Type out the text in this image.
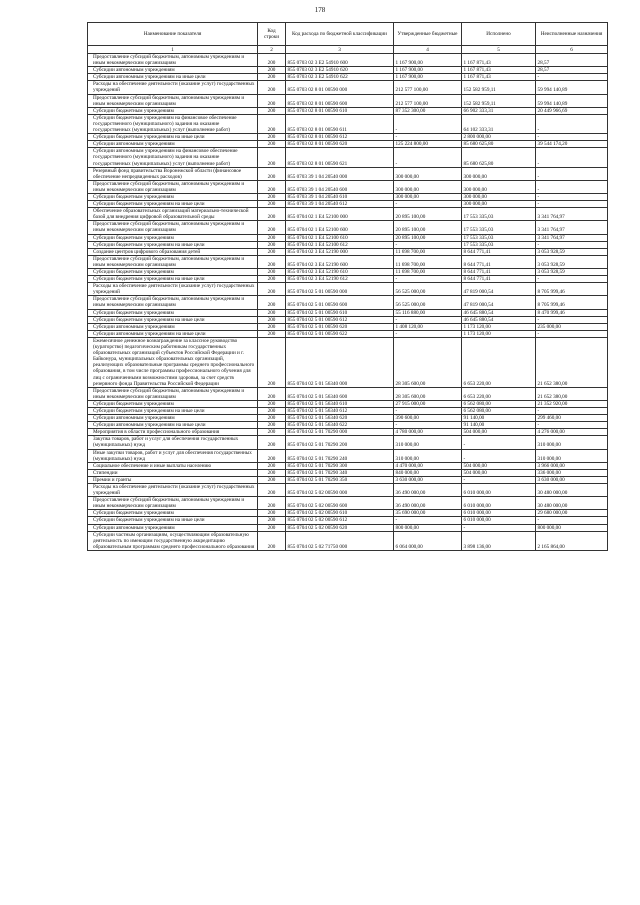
178
Наименование показателя	Код строки	Код расхода по бюджетной классификации	Утвержденные бюджетные	Исполнено	Неисполненные назначения
1	2	3	4	5	6
Предоставление субсидий бюджетным, автономным учреждениям и иным некоммерческим организациям	200	855 0703 02 3 E2 54910 600	1 167 900,00	1 167 871,43	28,57
Субсидии автономным учреждениям	200	855 0703 02 3 E2 54910 620	1 167 900,00	1 167 871,43	28,57
Субсидии автономным учреждениям на иные цели	200	855 0703 02 3 E2 54910 622	1 167 900,00	1 167 871,43	-
Расходы на обеспечение деятельности (оказание услуг) государственных учреждений	200	855 0703 02 8 01 00590 000	212 577 100,00	152 582 959,11	59 994 140,89
Предоставление субсидий бюджетным, автономным учреждениям и иным некоммерческим организациям	200	855 0703 02 8 01 00590 600	212 577 100,00	152 582 959,11	59 994 140,89
Субсидии бюджетным учреждениям	200	855 0703 02 8 01 00590 610	87 352 300,00	66 902 333,31	20 449 966,69
Субсидии бюджетным учреждениям на финансовое обеспечение государственного (муниципального) задания на оказание государственных (муниципальных) услуг (выполнение работ)	200	855 0703 02 8 01 00590 611	-	64 102 333,31	-
Субсидии бюджетным учреждениям на иные цели	200	855 0703 02 8 01 00590 612	-	2 800 000,00	-
Субсидии автономным учреждениям	200	855 0703 02 8 01 00590 620	125 224 800,00	85 680 625,80	39 544 174,20
Субсидии автономным учреждениям на финансовое обеспечение государственного (муниципального) задания на оказание государственных (муниципальных) услуг (выполнение работ)	200	855 0703 02 8 01 00590 621	-	85 680 625,80	-
Резервный фонд правительства Воронежской области (финансовое обеспечение непредвиденных расходов)	200	855 0703 39 1 04 20540 000	300 000,00	300 000,00	-
Предоставление субсидий бюджетным, автономным учреждениям и иным некоммерческим организациям	200	855 0703 39 1 04 20540 600	300 000,00	300 000,00	-
Субсидии бюджетным учреждениям	200	855 0703 39 1 04 20540 610	300 000,00	300 000,00	-
Субсидии бюджетным учреждениям на иные цели	200	855 0703 39 1 04 20540 612	-	300 000,00	-
Обеспечение образовательных организаций материально-технической базой для внедрения цифровой образовательной среды	200	855 0704 02 1 E4 52100 000	20 895 100,00	17 553 335,03	3 341 764,97
Предоставление субсидий бюджетным, автономным учреждениям и иным некоммерческим организациям	200	855 0704 02 1 E4 52100 600	20 895 100,00	17 553 335,03	3 341 764,97
Субсидии бюджетным учреждениям	200	855 0704 02 1 E4 52100 610	20 895 100,00	17 553 335,03	3 341 764,97
Субсидии бюджетным учреждениям на иные цели	200	855 0704 02 1 E4 52100 612	-	17 553 335,03	-
Создание центров цифрового образования детей	200	855 0704 02 3 E4 52190 000	11 698 700,00	8 644 771,41	3 053 928,59
Предоставление субсидий бюджетным, автономным учреждениям и иным некоммерческим организациям	200	855 0704 02 3 E4 52190 600	11 698 700,00	8 644 771,41	3 053 928,59
Субсидии бюджетным учреждениям	200	855 0704 02 3 E4 52190 610	11 698 700,00	8 644 771,41	3 053 928,59
Субсидии бюджетным учреждениям на иные цели	200	855 0704 02 3 E4 52190 612	-	8 644 771,41	-
Расходы на обеспечение деятельности (оказание услуг) государственных учреждений	200	855 0704 02 5 01 00590 000	56 525 000,00	47 819 000,54	8 705 999,46
Предоставление субсидий бюджетным, автономным учреждениям и иным некоммерческим организациям	200	855 0704 02 5 01 00590 600	56 525 000,00	47 819 000,54	8 705 999,46
Субсидии бюджетным учреждениям	200	855 0704 02 5 01 00590 610	55 116 880,00	46 645 880,54	8 470 999,46
Субсидии бюджетным учреждениям на иные цели	200	855 0704 02 5 01 00590 612	-	46 645 880,54	-
Субсидии автономным учреждениям	200	855 0704 02 5 01 00590 620	1 408 120,00	1 173 120,00	235 000,00
Субсидии автономным учреждениям на иные цели	200	855 0704 02 5 01 00590 622	-	1 173 120,00	-
Ежемесячное денежное вознаграждение за классное руководство (кураторство) педагогическим работникам государственных образовательных организаций субъектов Российской Федерации и г. Байконура, муниципальных образовательных организаций, реализующих образовательные программы среднего профессионального образования, в том числе программы профессионального обучения для лиц с ограниченными возможностями здоровья, за счет средств резервного фонда Правительства Российской Федерации	200	855 0704 02 5 01 56340 000	28 305 600,00	6 653 220,00	21 652 380,00
Предоставление субсидий бюджетным, автономным учреждениям и иным некоммерческим организациям	200	855 0704 02 5 01 56340 600	28 305 600,00	6 653 220,00	21 652 380,00
Субсидии бюджетным учреждениям	200	855 0704 02 5 01 56340 610	27 915 000,00	6 562 080,00	21 352 920,00
Субсидии бюджетным учреждениям на иные цели	200	855 0704 02 5 01 56340 612	-	6 562 080,00	-
Субсидии автономным учреждениям	200	855 0704 02 5 01 56340 620	390 600,00	91 140,00	299 460,00
Субсидии автономным учреждениям на иные цели	200	855 0704 02 5 01 56340 622	-	91 140,00	-
Мероприятия в области профессионального образования	200	855 0704 02 5 01 70290 000	4 780 000,00	504 000,00	4 276 000,00
Закупка товаров, работ и услуг для обеспечения государственных (муниципальных) нужд	200	855 0704 02 5 01 70290 200	310 000,00	-	310 000,00
Иные закупки товаров, работ и услуг для обеспечения государственных (муниципальных) нужд	200	855 0704 02 5 01 70290 240	310 000,00	-	310 000,00
Социальное обеспечение и иные выплаты населению	200	855 0704 02 5 01 70290 300	4 470 000,00	504 000,00	3 966 000,00
Стипендии	200	855 0704 02 5 01 70290 340	840 000,00	504 000,00	336 000,00
Премии и гранты	200	855 0704 02 5 01 70290 350	3 630 000,00	-	3 630 000,00
Расходы на обеспечение деятельности (оказание услуг) государственных учреждений	200	855 0704 02 5 02 00590 000	36 490 000,00	6 010 000,00	30 480 000,00
Предоставление субсидий бюджетным, автономным учреждениям и иным некоммерческим организациям	200	855 0704 02 5 02 00590 600	36 490 000,00	6 010 000,00	30 480 000,00
Субсидии бюджетным учреждениям	200	855 0704 02 5 02 00590 610	35 690 000,00	6 010 000,00	29 680 000,00
Субсидии бюджетным учреждениям на иные цели	200	855 0704 02 5 02 00590 612	-	6 010 000,00	-
Субсидии автономным учреждениям	200	855 0704 02 5 02 00590 620	800 000,00	-	800 000,00
Субсидии частным организациям, осуществляющим образовательную деятельность по имеющим государственную аккредитацию образовательным программам среднего профессионального образования	200	855 0704 02 5 02 71750 000	6 064 000,00	3 898 136,00	2 165 864,00
